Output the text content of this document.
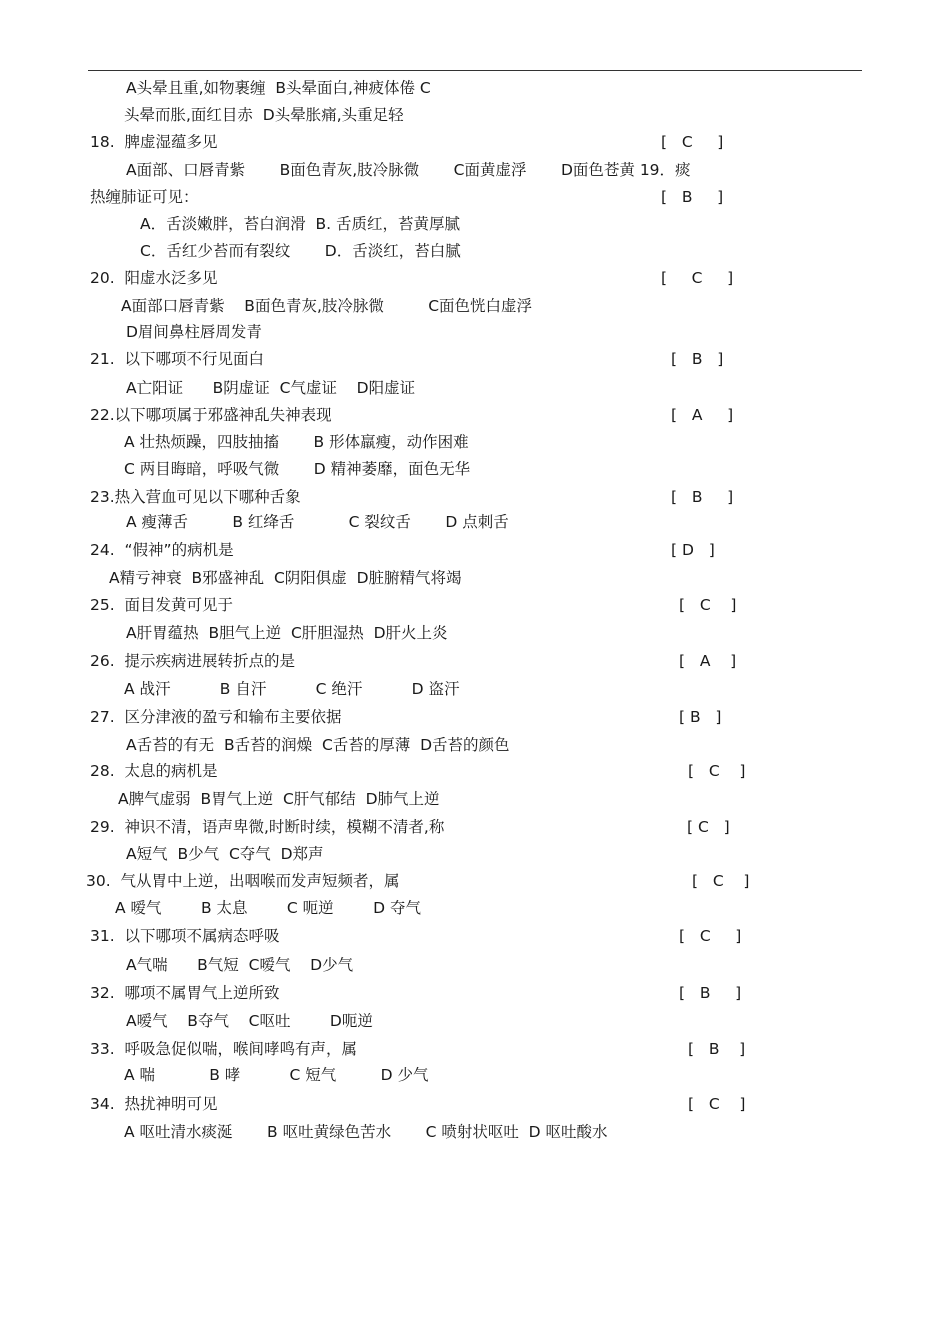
A头晕且重,如物裹缠  B头晕面白,神疲体倦 C
头晕而胀,面红目赤  D头晕胀痛,头重足轻
18.  脾虚湿蕴多见	[   C     ]
A面部、口唇青紫       B面色青灰,肢冷脉微       C面黄虚浮       D面色苍黄 19．痰
热缠肺证可见：	[   B     ]
A．舌淡嫩胖，苔白润滑  B. 舌质红，苔黄厚腻
C．舌红少苔而有裂纹       D．舌淡红，苔白腻
20.  阳虚水泛多见	[     C     ]
A面部口唇青紫    B面色青灰,肢冷脉微         C面色恍白虚浮
D眉间鼻柱唇周发青
21.  以下哪项不行见面白	[   B   ]
A亡阳证      B阴虚证  C气虚证    D阳虚证
22.以下哪项属于邪盛神乱失神表现	[   A     ]
A 壮热烦躁，四肢抽搐       B 形体羸瘦，动作困难
C 两目晦暗，呼吸气微       D 精神萎靡，面色无华
23.热入营血可见以下哪种舌象	[   B     ]
A 瘦薄舌         B 红绛舌           C 裂纹舌       D 点刺舌
24.  “假神”的病机是	[ D   ]
A精亏神衰  B邪盛神乱  C阴阳俱虚  D脏腑精气将竭
25.  面目发黄可见于	[   C    ]
A肝胃蕴热  B胆气上逆  C肝胆湿热  D肝火上炎
26.  提示疾病进展转折点的是	[   A    ]
A 战汗          B 自汗          C 绝汗          D 盗汗
27.  区分津液的盈亏和输布主要依据	[ B   ]
A舌苔的有无  B舌苔的润燥  C舌苔的厚薄  D舌苔的颜色
28.  太息的病机是	[   C    ]
A脾气虚弱  B胃气上逆  C肝气郁结  D肺气上逆
29.  神识不清，语声卑微,时断时续，模糊不清者,称	[ C   ]
A短气  B少气  C夺气  D郑声
30.  气从胃中上逆，出咽喉而发声短频者，属	[   C    ]
A 嗳气        B 太息        C 呃逆        D 夺气
31.  以下哪项不属病态呼吸	[   C     ]
A气喘      B气短  C嗳气    D少气
32.  哪项不属胃气上逆所致	[   B     ]
A嗳气    B夺气    C呕吐        D呃逆
33.  呼吸急促似喘，喉间哮鸣有声，属	[   B    ]
A 喘           B 哮          C 短气         D 少气
34.  热扰神明可见	[   C    ]
A 呕吐清水痰涎       B 呕吐黄绿色苦水       C 喷射状呕吐  D 呕吐酸水
